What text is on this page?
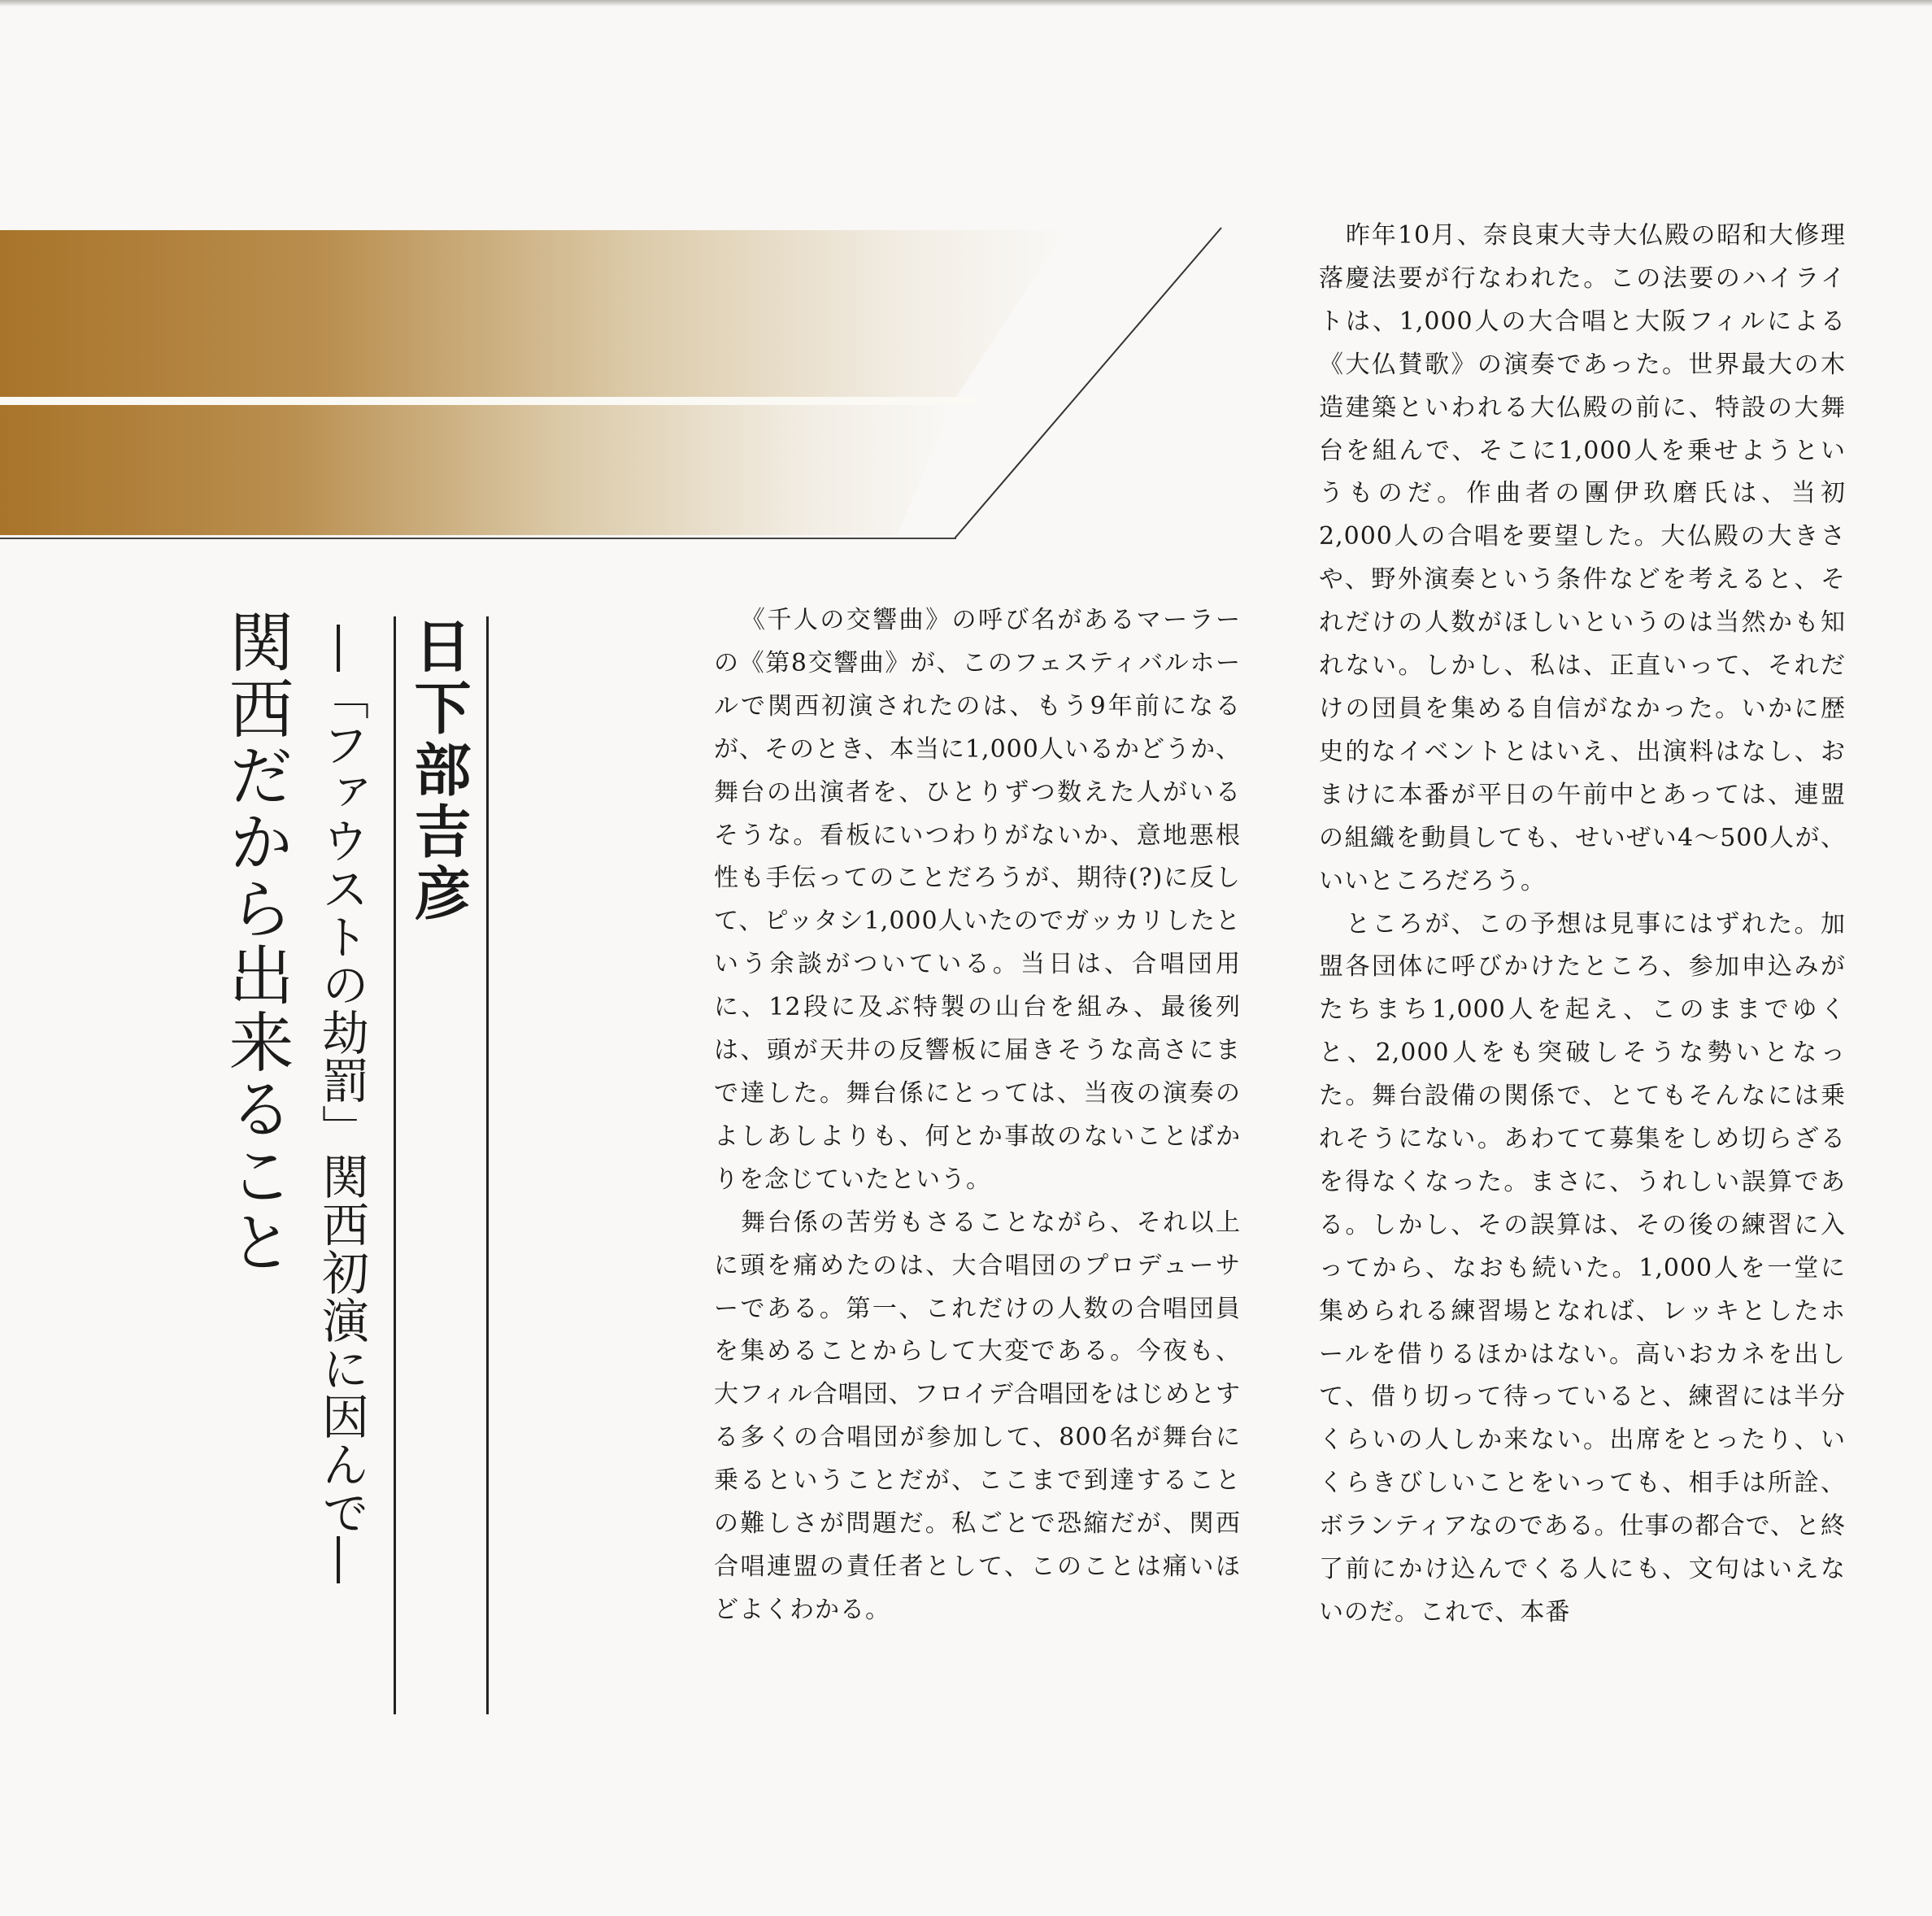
関西だから出来ること ―「ファウストの劫罰」関西初演に因んで― 日下部吉彦	《千人の交響曲》の呼び名があるマーラーの《第8交響曲》が、このフェスティバルホールで関西初演されたのは、もう9年前になるが、そのとき、本当に1,000人いるかどうか、舞台の出演者を、ひとりずつ数えた人がいるそうな。看板にいつわりがないか、意地悪根性も手伝ってのことだろうが、期待(?)に反して、ピッタシ1,000人いたのでガッカリしたという余談がついている。当日は、合唱団用に、12段に及ぶ特製の山台を組み、最後列は、頭が天井の反響板に届きそうな高さにまで達した。舞台係にとっては、当夜の演奏のよしあしよりも、何とか事故のないことばかりを念じていたという。

舞台係の苦労もさることながら、それ以上に頭を痛めたのは、大合唱団のプロデューサーである。第一、これだけの人数の合唱団員を集めることからして大変である。今夜も、大フィル合唱団、フロイデ合唱団をはじめとする多くの合唱団が参加して、800名が舞台に乗るということだが、ここまで到達することの難しさが問題だ。私ごとで恐縮だが、関西合唱連盟の責任者として、このことは痛いほどよくわかる。

昨年10月、奈良東大寺大仏殿の昭和大修理落慶法要が行なわれた。この法要のハイライトは、1,000人の大合唱と大阪フィルによる《大仏賛歌》の演奏であった。世界最大の木造建築といわれる大仏殿の前に、特設の大舞台を組んで、そこに1,000人を乗せようというものだ。作曲者の團伊玖磨氏は、当初2,000人の合唱を要望した。大仏殿の大きさや、野外演奏という条件などを考えると、それだけの人数がほしいというのは当然かも知れない。しかし、私は、正直いって、それだけの団員を集める自信がなかった。いかに歴史的なイベントとはいえ、出演料はなし、おまけに本番が平日の午前中とあっては、連盟の組織を動員しても、せいぜい4～500人が、いいところだろう。

ところが、この予想は見事にはずれた。加盟各団体に呼びかけたところ、参加申込みがたちまち1,000人を起え、このままでゆくと、2,000人をも突破しそうな勢いとなった。舞台設備の関係で、とてもそんなには乗れそうにない。あわてて募集をしめ切らざるを得なくなった。まさに、うれしい誤算である。しかし、その誤算は、その後の練習に入ってから、なおも続いた。1,000人を一堂に集められる練習場となれば、レッキとしたホールを借りるほかはない。高いおカネを出して、借り切って待っていると、練習には半分くらいの人しか来ない。出席をとったり、いくらきびしいことをいっても、相手は所詮、ボランティアなのである。仕事の都合で、と終了前にかけ込んでくる人にも、文句はいえないのだ。これで、本番
